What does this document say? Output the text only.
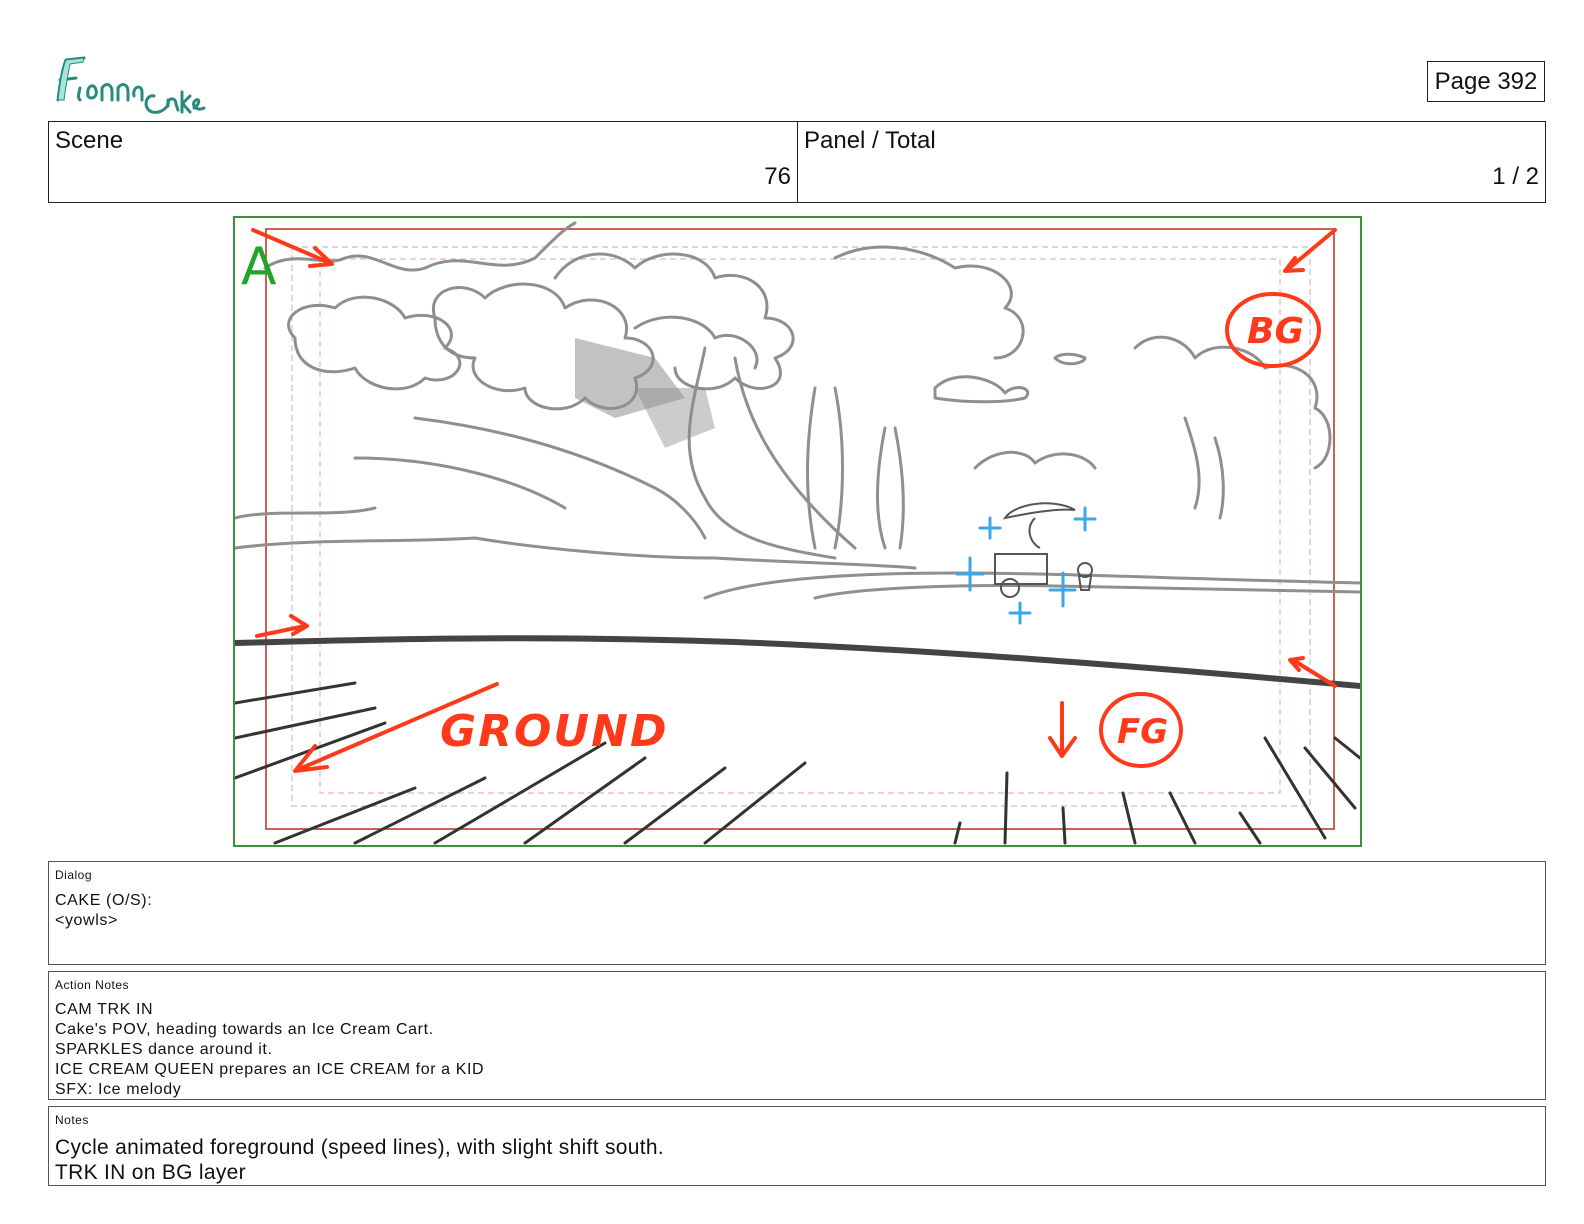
Page 392
Scene
76
Panel / Total
1 / 2
BG
FG
GROUND
A
Dialog
CAKE (O/S):
<yowls>
Action Notes
CAM TRK IN
Cake's POV, heading towards an Ice Cream Cart.
SPARKLES dance around it.
ICE CREAM QUEEN prepares an ICE CREAM for a KID
SFX: Ice melody
Notes
Cycle animated foreground (speed lines), with slight shift south.
TRK IN on BG layer
